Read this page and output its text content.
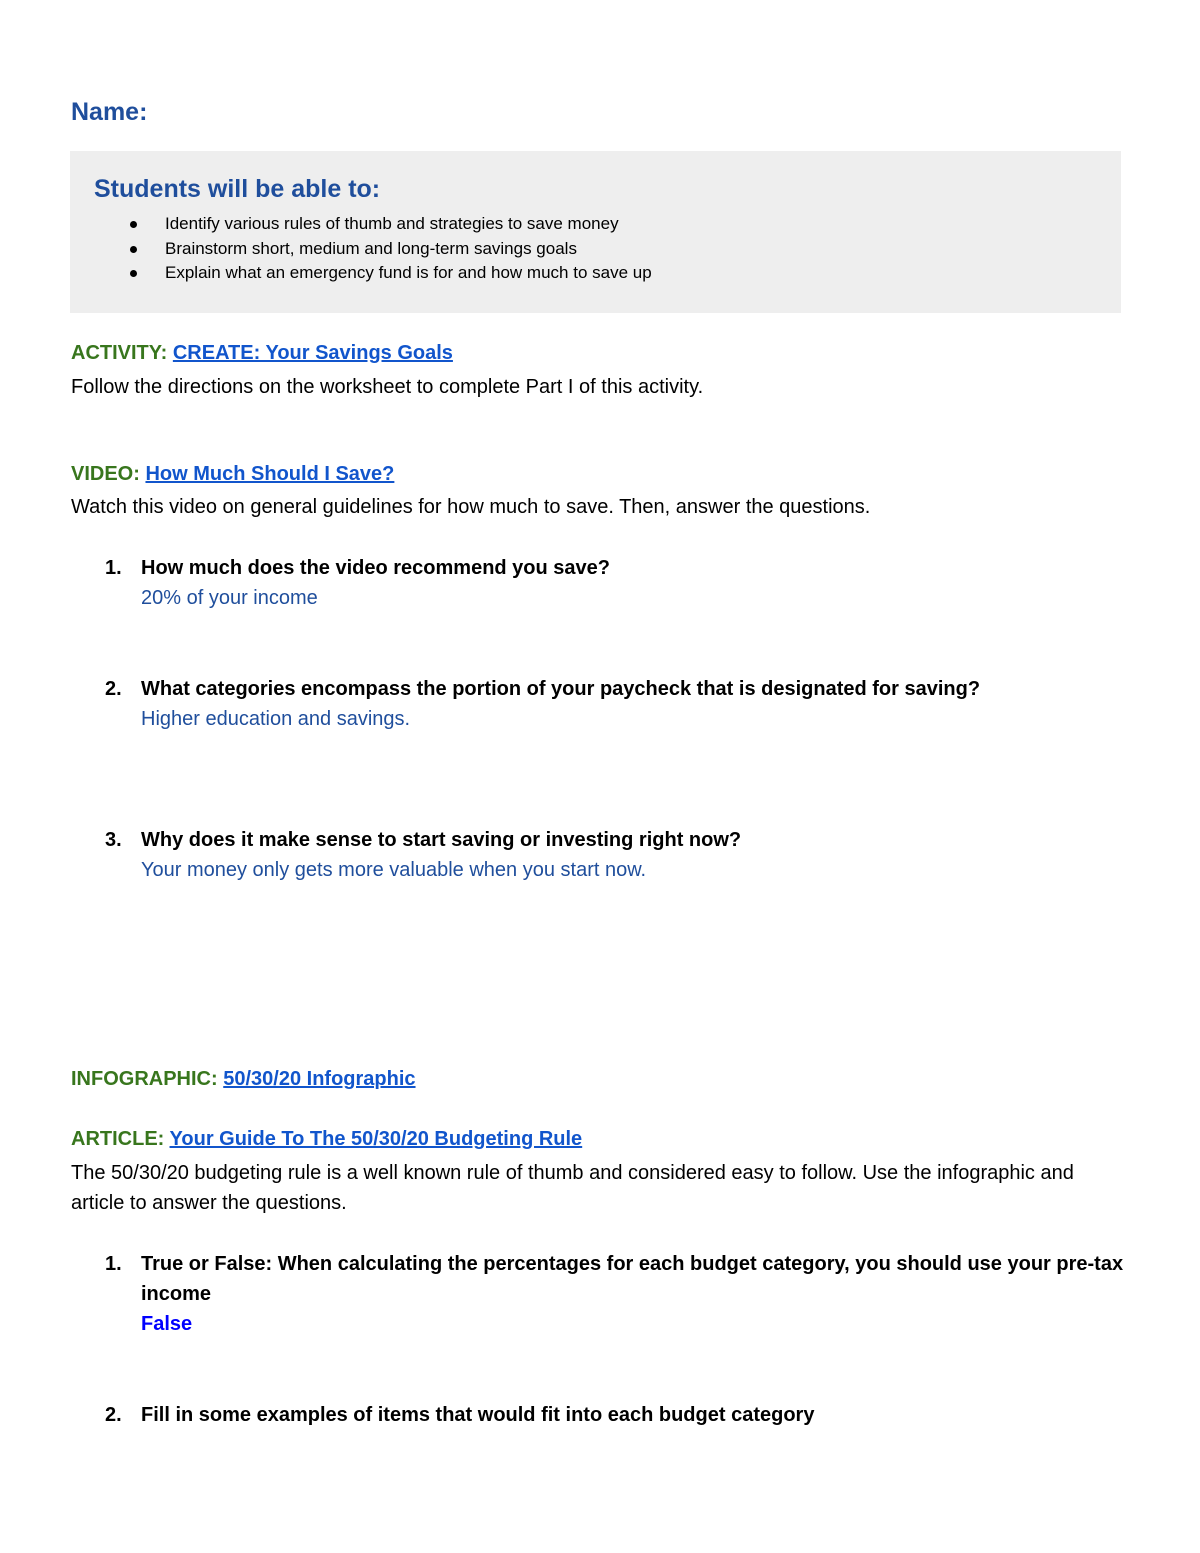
Name:
Students will be able to:
Identify various rules of thumb and strategies to save money
Brainstorm short, medium and long-term savings goals
Explain what an emergency fund is for and how much to save up

ACTIVITY: CREATE: Your Savings Goals

Follow the directions on the worksheet to complete Part I of this activity.

VIDEO: How Much Should I Save?

Watch this video on general guidelines for how much to save. Then, answer the questions.

1. How much does the video recommend you save?

20% of your income

2. What categories encompass the portion of your paycheck that is designated for saving?

Higher education and savings.

3. Why does it make sense to start saving or investing right now?

Your money only gets more valuable when you start now.

INFOGRAPHIC: 50/30/20 Infographic

ARTICLE: Your Guide To The 50/30/20 Budgeting Rule

The 50/30/20 budgeting rule is a well known rule of thumb and considered easy to follow. Use the infographic and article to answer the questions.

1. True or False: When calculating the percentages for each budget category, you should use your pre-tax income

False

2. Fill in some examples of items that would fit into each budget category
